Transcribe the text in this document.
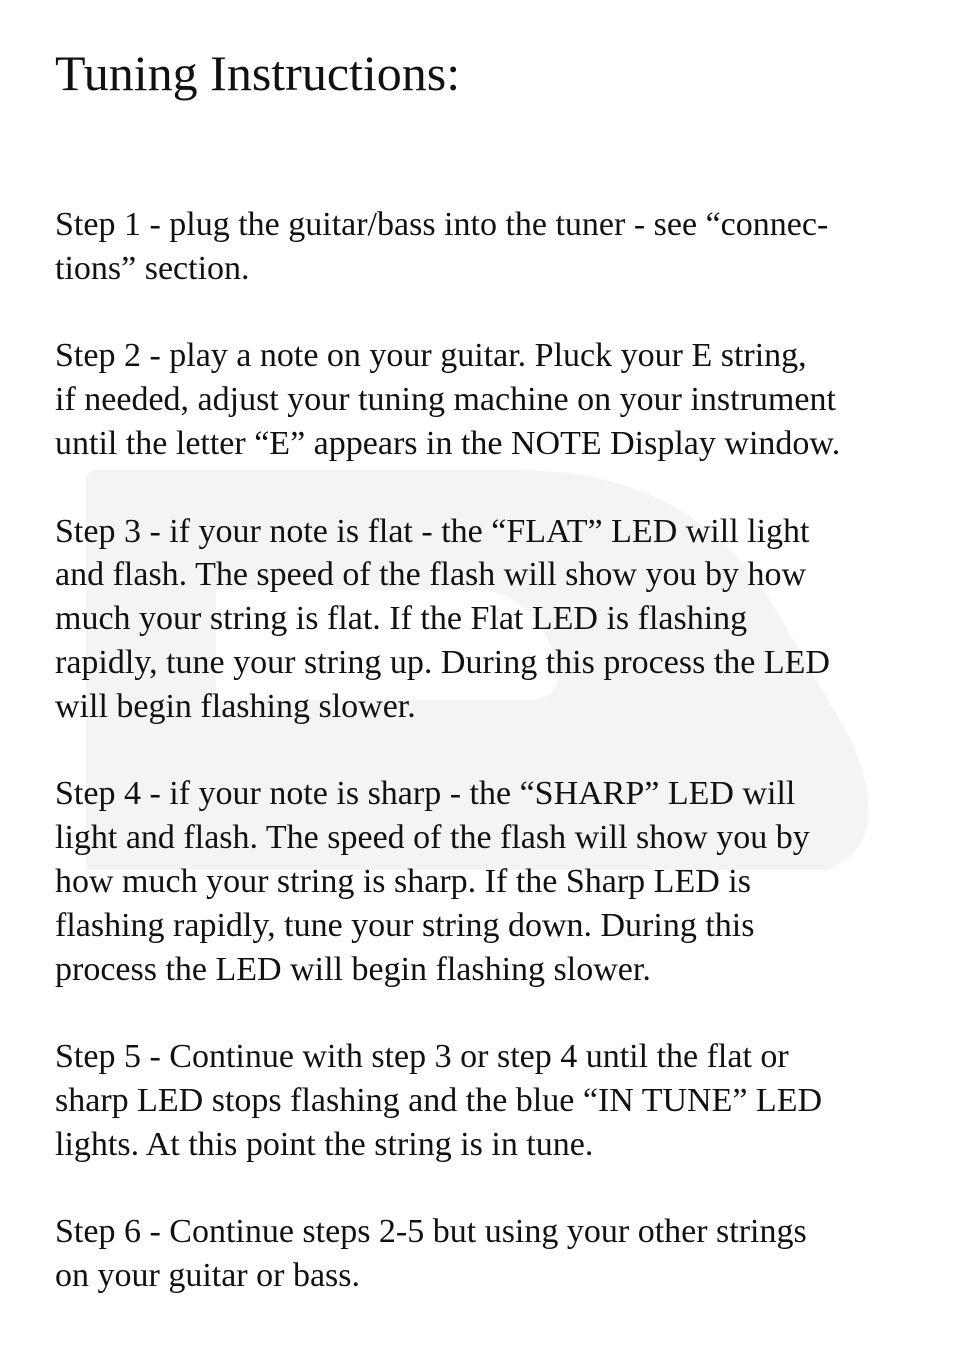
Tuning Instructions:

Step 1 - plug the guitar/bass into the tuner - see “connec-
tions” section.

Step 2 - play a note on your guitar. Pluck your E string,
if needed, adjust your tuning machine on your instrument
until the letter “E” appears in the NOTE Display window.

Step 3 - if your note is flat - the “FLAT” LED will light
and flash. The speed of the flash will show you by how
much your string is flat. If the Flat LED is flashing
rapidly, tune your string up. During this process the LED
will begin flashing slower.

Step 4 - if your note is sharp - the “SHARP” LED will
light and flash. The speed of the flash will show you by
how much your string is sharp. If the Sharp LED is
flashing rapidly, tune your string down. During this
process the LED will begin flashing slower.

Step 5 - Continue with step 3 or step 4 until the flat or
sharp LED stops flashing and the blue “IN TUNE” LED
lights. At this point the string is in tune.

Step 6 - Continue steps 2-5 but using your other strings
on your guitar or bass.
